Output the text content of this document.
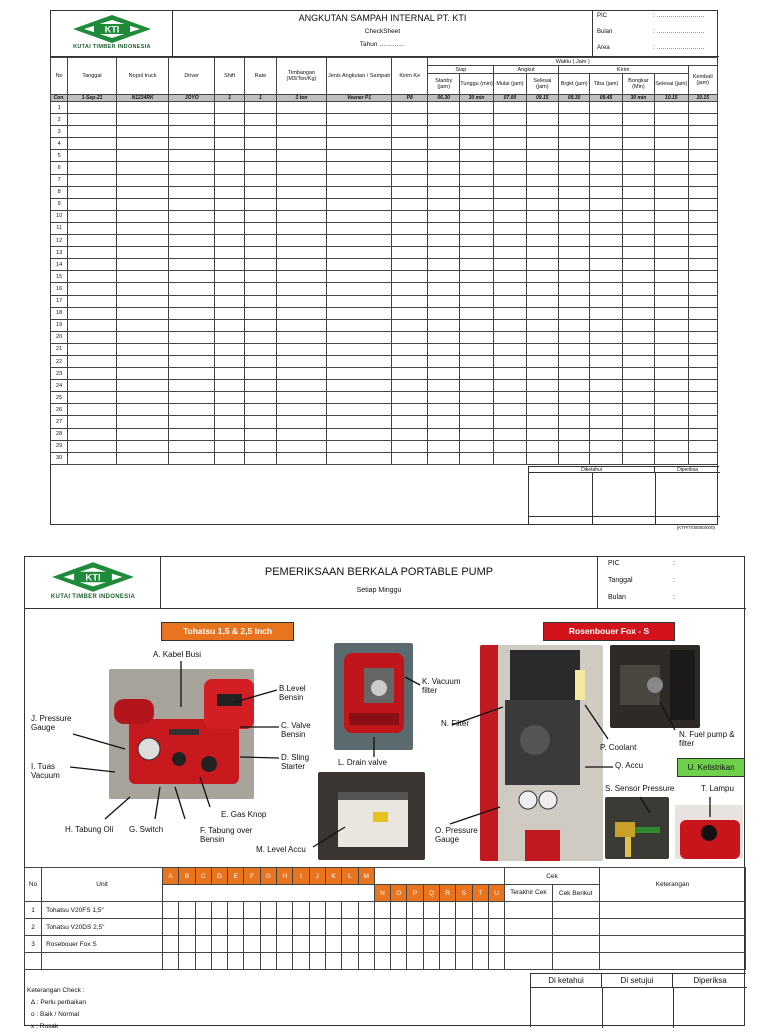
KTI
KUTAI TIMBER INDONESIA
ANGKUTAN SAMPAH INTERNAL PT. KTI
CheckSheet
Tahun …………
PIC	: ……………………
Bulan	: ……………………
Area	: ……………………
No	Tanggal	Nopol truck	Driver	Shift	Rate	Timbangan (M3/Ton/Kg)	Jenis Angkutan / Sampah	Kirim Ke	Waktu ( Jam )								
									Siap		Angkut		Kirim				Kembali (jam)
									Stanby (jam)	Tunggu (min)	Mulai (jam)	Selesai (jam)	Brgkt (jam)	Tiba (jam)	Bongkar (Min)	Selesai (jam)	
Con.	1-Sep-21	N1234RK	JOYO	1	1	1 ton	Veener P1	P8	06.30	30 min	07.00	09.15	09.30	09.45	30 min	10.15	10.15
1																	
2																	
3																	
4																	
5																	
6																	
7																	
8																	
9																	
10																	
11																	
12																	
13																	
14																	
15																	
16																	
17																	
18																	
19																	
20																	
21																	
22																	
23																	
24																	
25																	
26																	
27																	
28																	
29																	
30																	
Diketahui	Diperiksa
(KTP/T/00000/000)
KTI
KUTAI TIMBER INDONESIA
PEMERIKSAAN BERKALA PORTABLE PUMP
Setiap Minggu
PIC	:
Tanggal	:
Bulan	:
Tohatsu 1,5 & 2,5 Inch	Rosenbouer Fox - S
U. Kelistrikan
A. Kabel Busi
B.Level Bensin
C. Valve Bensin
D. Sling Starter
E. Gas Knop
F. Tabung over Bensin
G. Switch
H. Tabung Oli
I. Tuas Vacuum
J. Pressure Gauge
K. Vacuum filter
L. Drain valve
M. Level Accu
N. Filter
N. Fuel pump & filter
O. Pressure Gauge
P. Coolant
Q. Accu
S. Sensor Pressure	T. Lampu
No	Unit	A	B	C	D	E	F	G	H	I	J	K	L	M									Cek		Keterangan
															N	O	P	Q	R	S	T	U	Terakhir Cek	Cek Berikut	
1	Tohatsu V20FS 1,5"																								
2	Tohatsu V20DS 2,5"																								
3	Rosebouer Fox S																								

Keterangan Check :
∆ : Perlu perbaikan
o : Baik / Normal
x : Rusak
Di ketahui	Di setujui	Diperiksa
